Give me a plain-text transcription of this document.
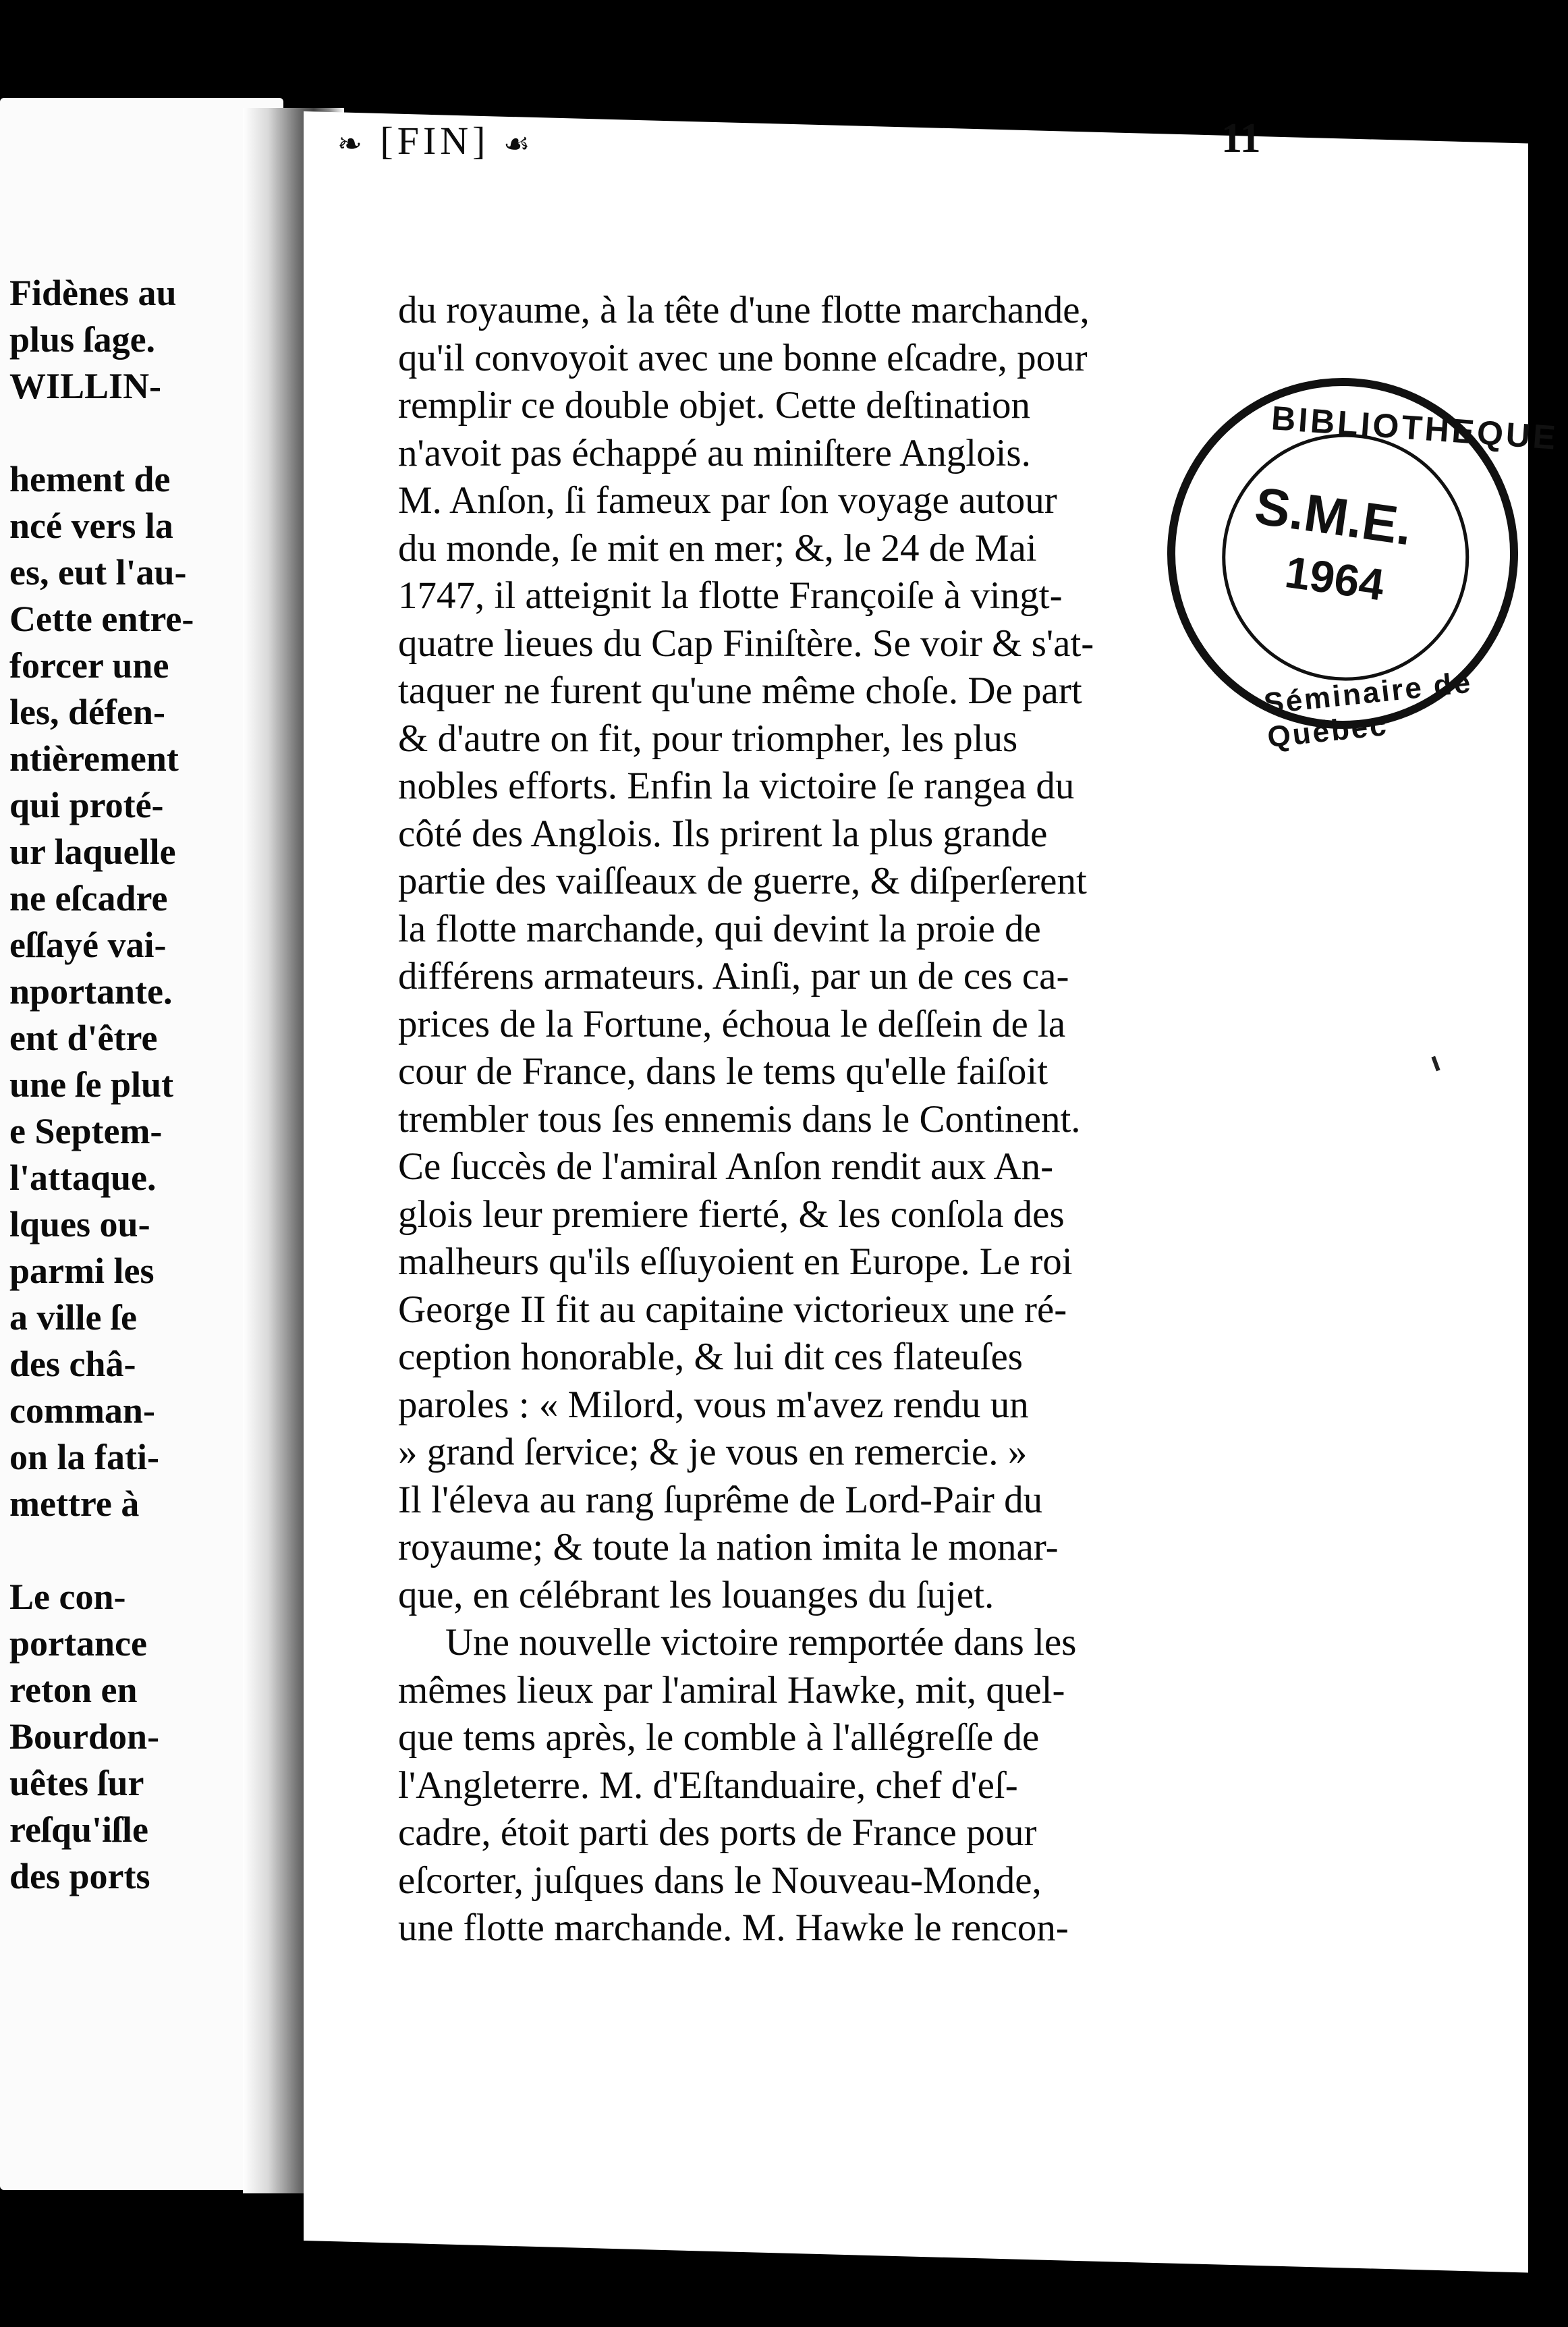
Fidènes au
plus ſage.
WILLIN-
hement de
ncé vers la
es, eut l'au-
Cette entre-
forcer une
les, défen-
ntièrement
qui proté-
ur laquelle
ne eſcadre
eſſayé vai-
nportante.
ent d'être
une ſe plut
e Septem-
l'attaque.
lques ou-
parmi les
a ville ſe
des châ-
comman-
on la fati-
mettre à
Le con-
portance
reton en
Bourdon-
uêtes ſur
reſqu'iſle
des ports
❧ [FIN] ☙	11
du royaume, à la tête d'une flotte marchande,
qu'il convoyoit avec une bonne eſcadre, pour
remplir ce double objet. Cette deſtination
n'avoit pas échappé au miniſtere Anglois.
M. Anſon, ſi fameux par ſon voyage autour
du monde, ſe mit en mer; &, le 24 de Mai
1747, il atteignit la flotte Françoiſe à vingt-
quatre lieues du Cap Finiſtère. Se voir & s'at-
taquer ne furent qu'une même choſe. De part
& d'autre on fit, pour triompher, les plus
nobles efforts. Enfin la victoire ſe rangea du
côté des Anglois. Ils prirent la plus grande
partie des vaiſſeaux de guerre, & diſperſerent
la flotte marchande, qui devint la proie de
différens armateurs. Ainſi, par un de ces ca-
prices de la Fortune, échoua le deſſein de la
cour de France, dans le tems qu'elle faiſoit
trembler tous ſes ennemis dans le Continent.
Ce ſuccès de l'amiral Anſon rendit aux An-
glois leur premiere fierté, & les conſola des
malheurs qu'ils eſſuyoient en Europe. Le roi
George II fit au capitaine victorieux une ré-
ception honorable, & lui dit ces flateuſes
paroles : « Milord, vous m'avez rendu un
» grand ſervice; & je vous en remercie. »
Il l'éleva au rang ſuprême de Lord-Pair du
royaume; & toute la nation imita le monar-
que, en célébrant les louanges du ſujet.
Une nouvelle victoire remportée dans les
mêmes lieux par l'amiral Hawke, mit, quel-
que tems après, le comble à l'allégreſſe de
l'Angleterre. M. d'Eſtanduaire, chef d'eſ-
cadre, étoit parti des ports de France pour
eſcorter, juſques dans le Nouveau-Monde,
une flotte marchande. M. Hawke le rencon-
BIBLIOTHEQUE
S.M.E.
1964
Séminaire de Québec
